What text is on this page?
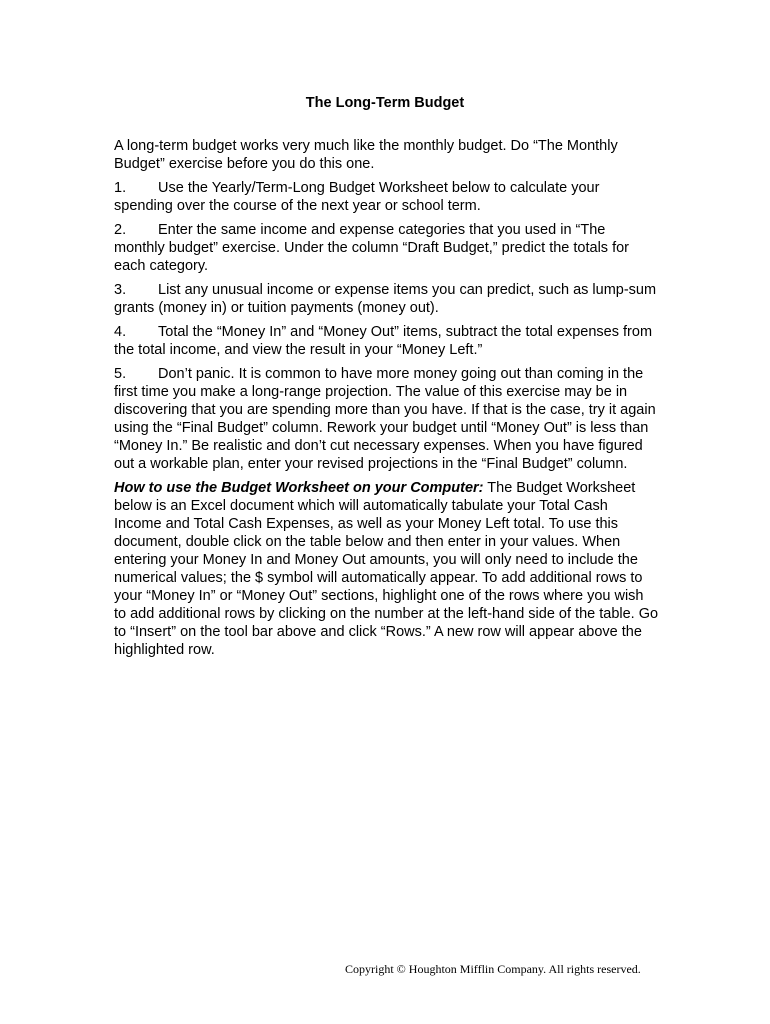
The Long-Term Budget

A long-term budget works very much like the monthly budget. Do “The Monthly Budget” exercise before you do this one.

1. Use the Yearly/Term-Long Budget Worksheet below to calculate your spending over the course of the next year or school term.

2. Enter the same income and expense categories that you used in “The monthly budget” exercise. Under the column “Draft Budget,” predict the totals for each category.

3. List any unusual income or expense items you can predict, such as lump-sum grants (money in) or tuition payments (money out).

4. Total the “Money In” and “Money Out” items, subtract the total expenses from the total income, and view the result in your “Money Left.”

5. Don’t panic. It is common to have more money going out than coming in the first time you make a long-range projection. The value of this exercise may be in discovering that you are spending more than you have. If that is the case, try it again using the “Final Budget” column. Rework your budget until “Money Out” is less than “Money In.” Be realistic and don’t cut necessary expenses. When you have figured out a workable plan, enter your revised projections in the “Final Budget” column.

How to use the Budget Worksheet on your Computer: The Budget Worksheet below is an Excel document which will automatically tabulate your Total Cash Income and Total Cash Expenses, as well as your Money Left total. To use this document, double click on the table below and then enter in your values. When entering your Money In and Money Out amounts, you will only need to include the numerical values; the $ symbol will automatically appear. To add additional rows to your “Money In” or “Money Out” sections, highlight one of the rows where you wish to add additional rows by clicking on the number at the left-hand side of the table. Go to “Insert” on the tool bar above and click “Rows.” A new row will appear above the highlighted row.

Copyright © Houghton Mifflin Company. All rights reserved.
